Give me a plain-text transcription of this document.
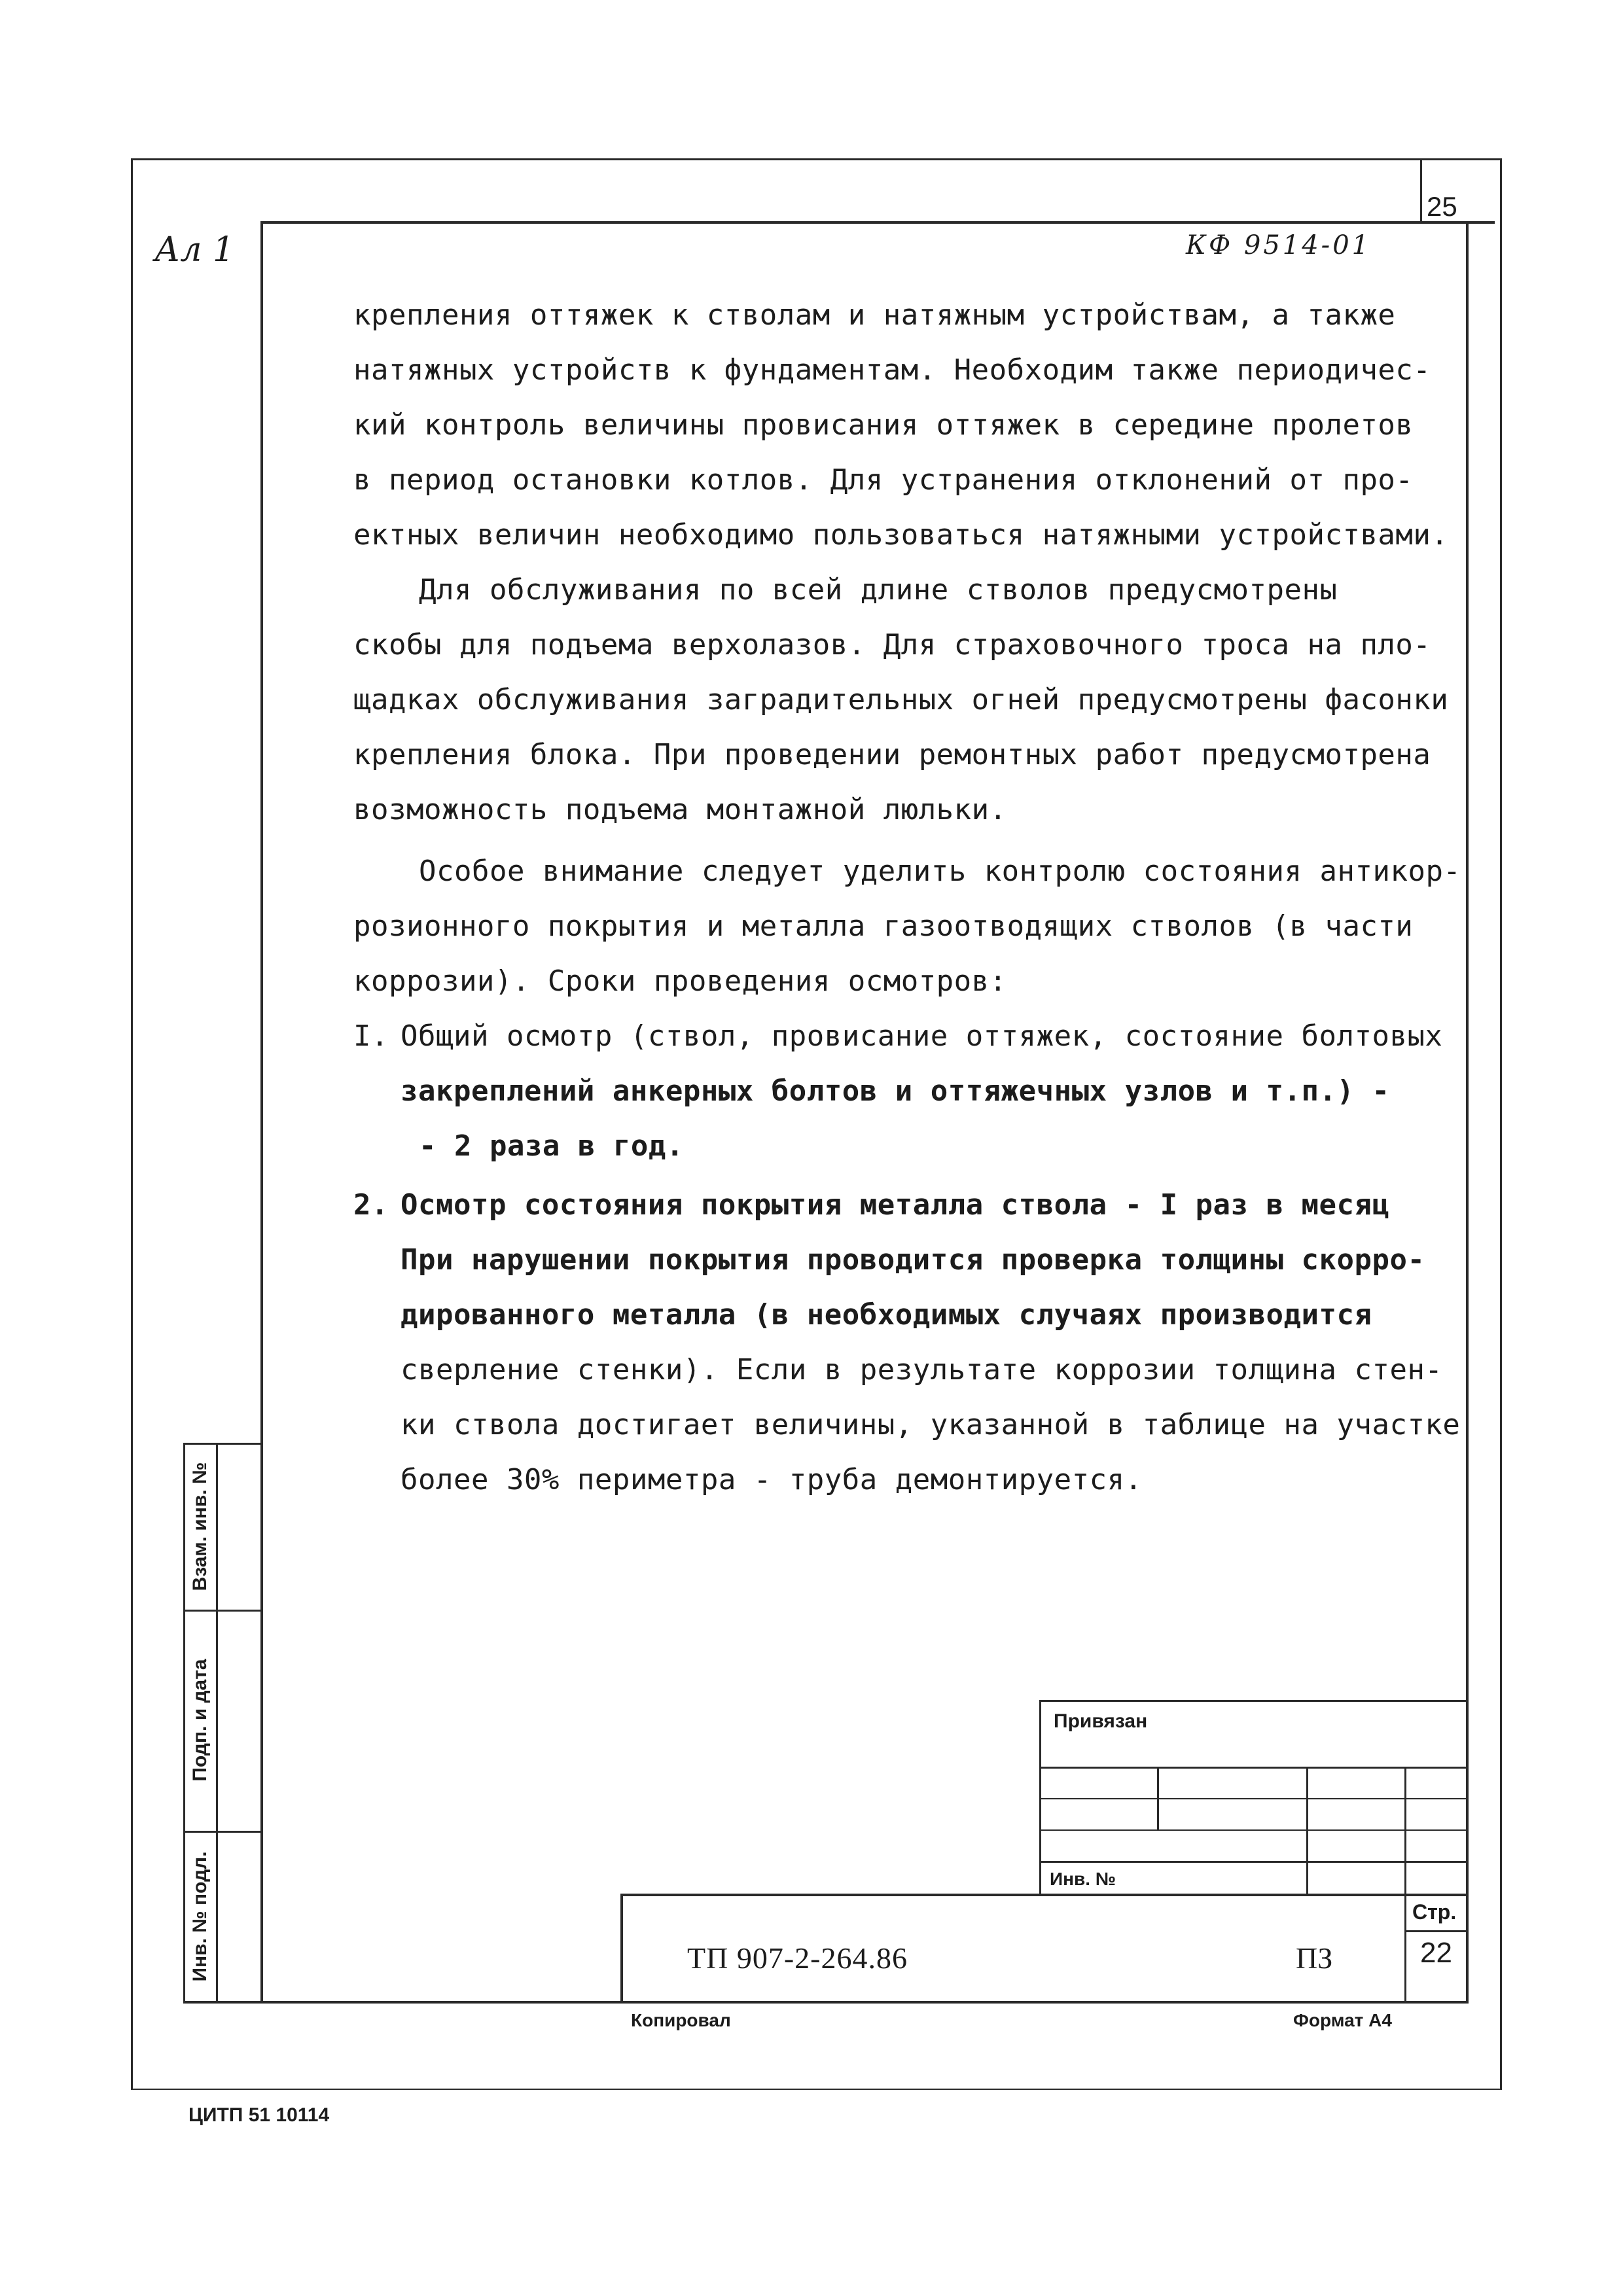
25
Ал 1	КФ 9514-01
крепления оттяжек к стволам и натяжным устройствам, а также
натяжных устройств к фундаментам. Необходим также периодичес-
кий контроль величины провисания оттяжек в середине пролетов
в период остановки котлов. Для устранения отклонений от про-
ектных величин необходимо пользоваться натяжными устройствами.
Для обслуживания по всей длине стволов предусмотрены
скобы для подъема верхолазов. Для страховочного троса на пло-
щадках обслуживания заградительных огней предусмотрены фасонки
крепления блока. При проведении ремонтных работ предусмотрена
возможность подъема монтажной люльки.
Особое внимание следует уделить контролю состояния антикор-
розионного покрытия и металла газоотводящих стволов (в части
коррозии). Сроки проведения осмотров:
I. Общий осмотр (ствол, провисание оттяжек, состояние болтовых
закреплений анкерных болтов и оттяжечных узлов и т.п.) -
- 2 раза в год.
2. Осмотр состояния покрытия металла ствола - I раз в месяц
При нарушении покрытия проводится проверка толщины скорро-
дированного металла (в необходимых случаях производится
сверление стенки). Если в результате коррозии толщина стен-
ки ствола достигает величины, указанной в таблице на участке
более 30% периметра - труба демонтируется.
Взам. инв. №
Подп. и дата
Инв. № подл.
Привязан
Инв. №
ТП 907-2-264.86	ПЗ
Стр.
22
Копировал	Формат А4
ЦИТП 51 10114
